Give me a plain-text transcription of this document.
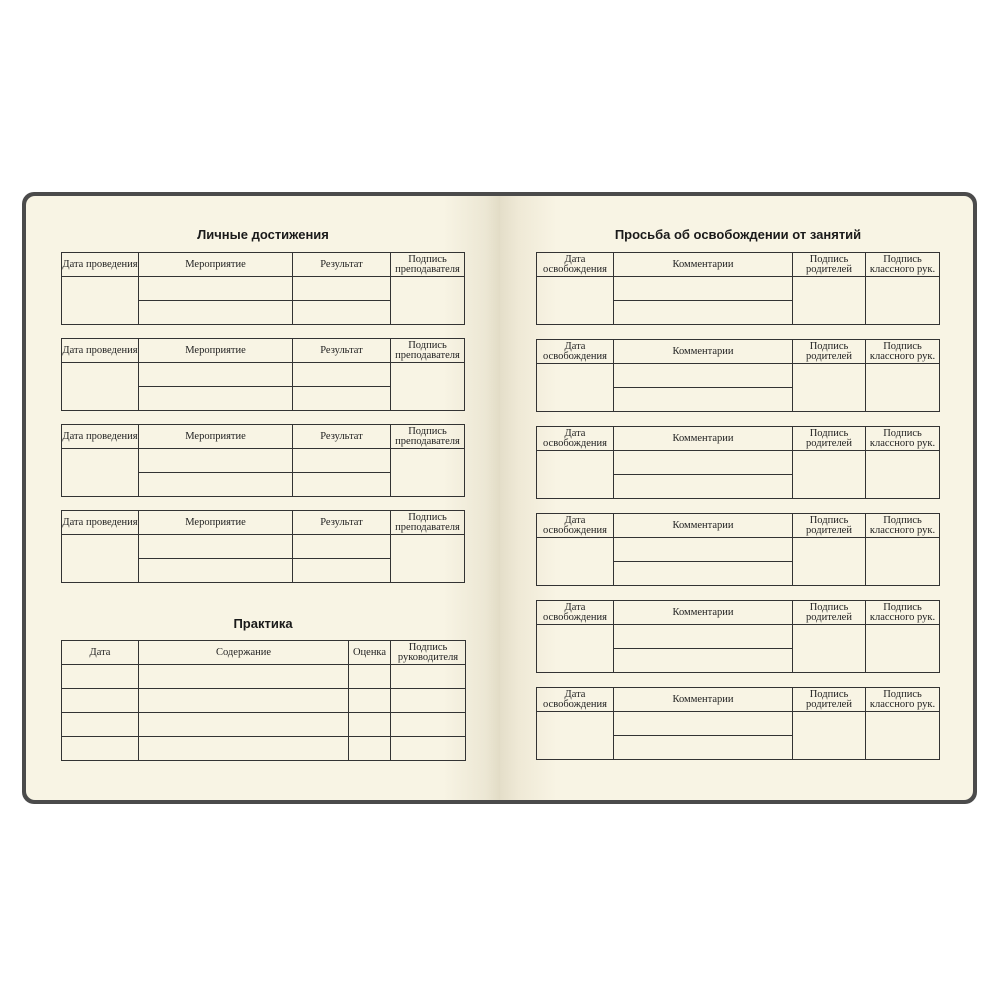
Личные достижения
Дата проведения	Мероприятие	Результат	Подпись преподавателя

Дата проведения	Мероприятие	Результат	Подпись преподавателя

Дата проведения	Мероприятие	Результат	Подпись преподавателя

Дата проведения	Мероприятие	Результат	Подпись преподавателя

Практика
Дата	Содержание	Оценка	Подпись руководителя

Просьба об освобождении от занятий
Дата освобождения	Комментарии	Подпись родителей	Подпись классного рук.

Дата освобождения	Комментарии	Подпись родителей	Подпись классного рук.

Дата освобождения	Комментарии	Подпись родителей	Подпись классного рук.

Дата освобождения	Комментарии	Подпись родителей	Подпись классного рук.

Дата освобождения	Комментарии	Подпись родителей	Подпись классного рук.

Дата освобождения	Комментарии	Подпись родителей	Подпись классного рук.
